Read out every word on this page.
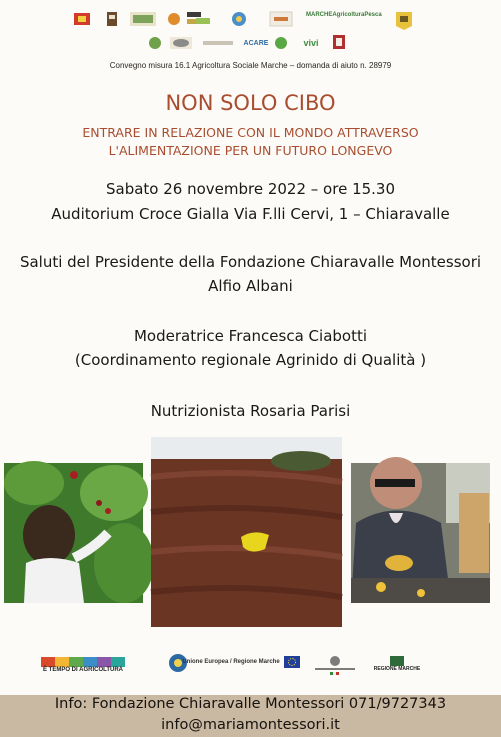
MARCHEAgricolturaPesca
ACARE	vivi
Convegno misura 16.1 Agricoltura Sociale Marche – domanda di aiuto n. 28979
NON SOLO CIBO
ENTRARE IN RELAZIONE CON IL MONDO ATTRAVERSO
L'ALIMENTAZIONE PER UN FUTURO LONGEVO
Sabato 26 novembre 2022 – ore 15.30
Auditorium Croce Gialla Via F.lli Cervi, 1 – Chiaravalle
Saluti del Presidente della Fondazione Chiaravalle Montessori
Alfio Albani
Moderatrice Francesca Ciabotti
(Coordinamento regionale Agrinido di Qualità )
Nutrizionista Rosaria Parisi
È TEMPO DI AGRICOLTURA
Unione Europea / Regione Marche
REGIONE MARCHE
Info: Fondazione Chiaravalle Montessori 071/9727343
info@mariamontessori.it
